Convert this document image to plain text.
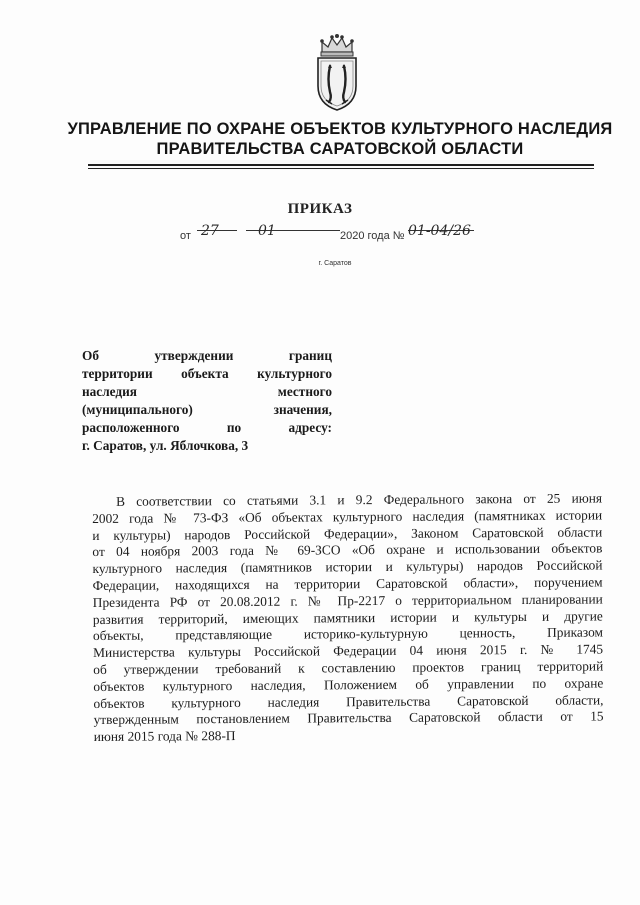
УПРАВЛЕНИЕ ПО ОХРАНЕ ОБЪЕКТОВ КУЛЬТУРНОГО НАСЛЕДИЯ
ПРАВИТЕЛЬСТВА САРАТОВСКОЙ ОБЛАСТИ
ПРИКАЗ
от 27	01	2020 года № 01-04/26
г. Саратов
Об утверждении границ
территории объекта культурного
наследия местного
(муниципального) значения,
расположенного по адресу:
г. Саратов, ул. Яблочкова, 3
В соответствии со статьями 3.1 и 9.2 Федерального закона от 25 июня
2002 года № 73-ФЗ «Об объектах культурного наследия (памятниках истории
и культуры) народов Российской Федерации», Законом Саратовской области
от 04 ноября 2003 года № 69-ЗСО «Об охране и использовании объектов
культурного наследия (памятников истории и культуры) народов Российской
Федерации, находящихся на территории Саратовской области», поручением
Президента РФ от 20.08.2012 г. № Пр-2217 о территориальном планировании
развития территорий, имеющих памятники истории и культуры и другие
объекты, представляющие историко-культурную ценность, Приказом
Министерства культуры Российской Федерации 04 июня 2015 г. № 1745
об утверждении требований к составлению проектов границ территорий
объектов культурного наследия, Положением об управлении по охране
объектов культурного наследия Правительства Саратовской области,
утвержденным постановлением Правительства Саратовской области от 15
июня 2015 года № 288-П
